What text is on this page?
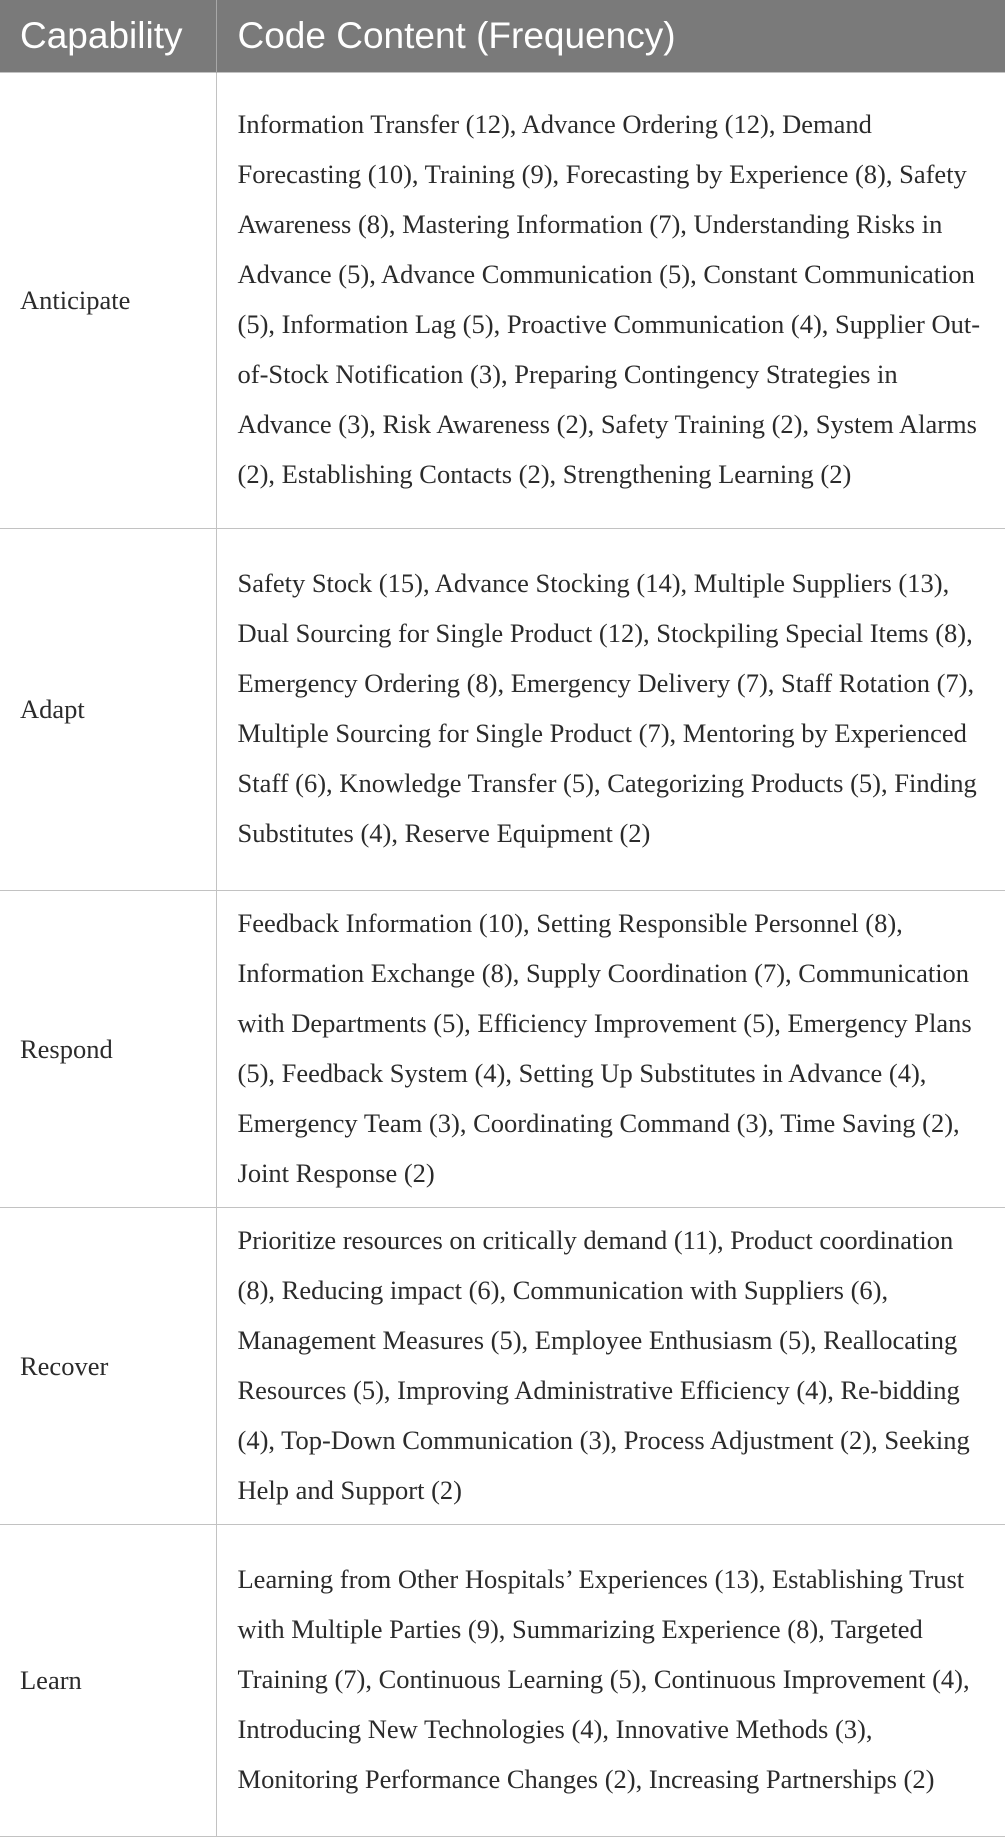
Capability	Code Content (Frequency)
Anticipate	Information Transfer (12), Advance Ordering (12), Demand Forecasting (10), Training (9), Forecasting by Experience (8), Safety Awareness (8), Mastering Information (7), Understanding Risks in Advance (5), Advance Communication (5), Constant Communication (5), Information Lag (5), Proactive Communication (4), Supplier Out-of-Stock Notification (3), Preparing Contingency Strategies in Advance (3), Risk Awareness (2), Safety Training (2), System Alarms (2), Establishing Contacts (2), Strengthening Learning (2)
Adapt	Safety Stock (15), Advance Stocking (14), Multiple Suppliers (13), Dual Sourcing for Single Product (12), Stockpiling Special Items (8), Emergency Ordering (8), Emergency Delivery (7), Staff Rotation (7), Multiple Sourcing for Single Product (7), Mentoring by Experienced Staff (6), Knowledge Transfer (5), Categorizing Products (5), Finding Substitutes (4), Reserve Equipment (2)
Respond	Feedback Information (10), Setting Responsible Personnel (8), Information Exchange (8), Supply Coordination (7), Communication with Departments (5), Efficiency Improvement (5), Emergency Plans (5), Feedback System (4), Setting Up Substitutes in Advance (4), Emergency Team (3), Coordinating Command (3), Time Saving (2), Joint Response (2)
Recover	Prioritize resources on critically demand (11), Product coordination (8), Reducing impact (6), Communication with Suppliers (6), Management Measures (5), Employee Enthusiasm (5), Reallocating Resources (5), Improving Administrative Efficiency (4), Re-bidding (4), Top-Down Communication (3), Process Adjustment (2), Seeking Help and Support (2)
Learn	Learning from Other Hospitals’ Experiences (13), Establishing Trust with Multiple Parties (9), Summarizing Experience (8), Targeted Training (7), Continuous Learning (5), Continuous Improvement (4), Introducing New Technologies (4), Innovative Methods (3), Monitoring Performance Changes (2), Increasing Partnerships (2)
